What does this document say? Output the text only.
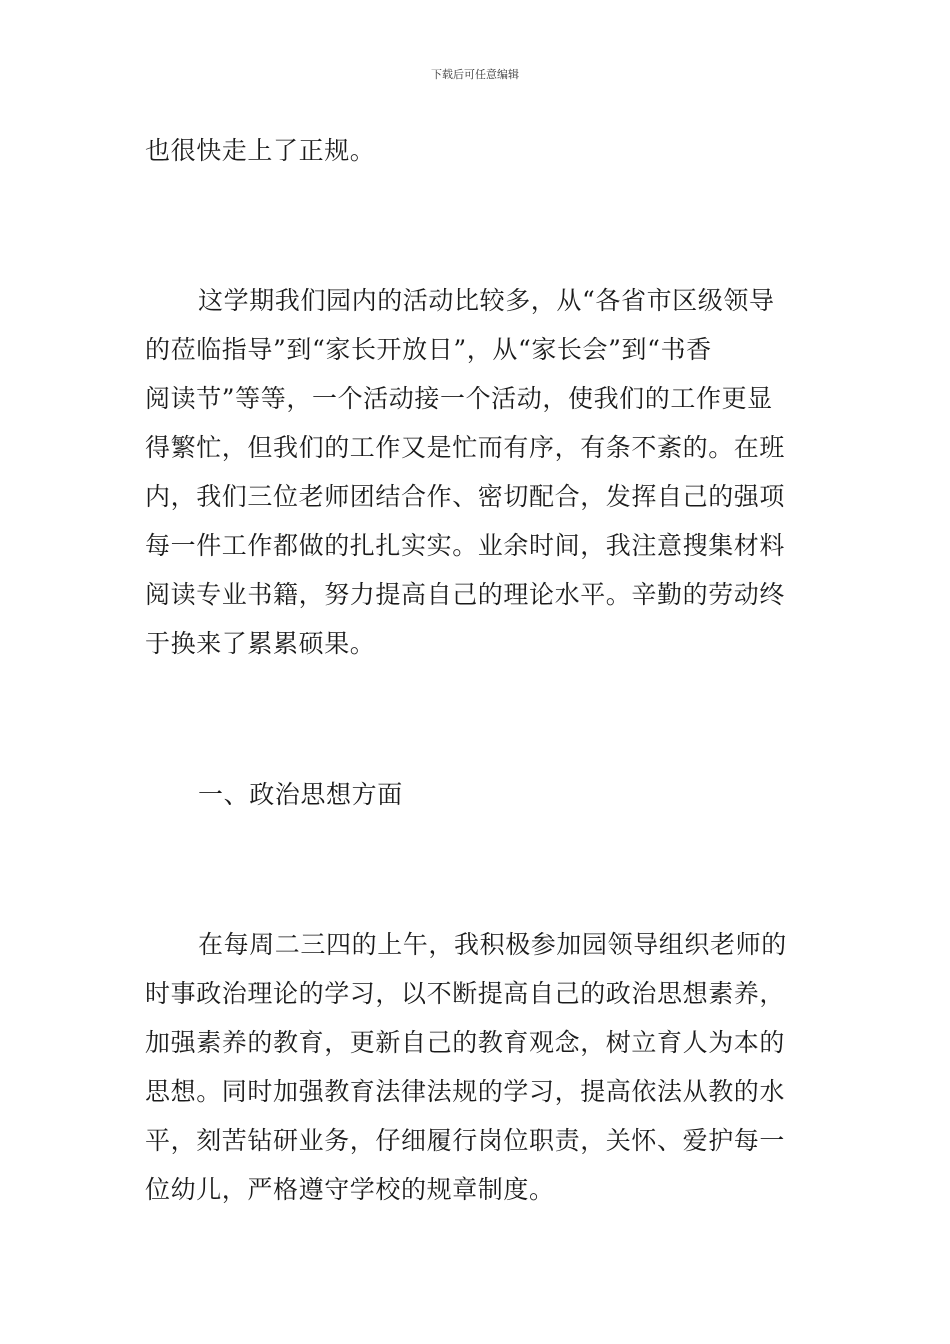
下载后可任意编辑
也很快走上了正规。
这学期我们园内的活动比较多，从“各省市区级领导
的莅临指导”到“家长开放日”，从“家长会”到“书香
阅读节”等等，一个活动接一个活动，使我们的工作更显
得繁忙，但我们的工作又是忙而有序，有条不紊的。在班
内，我们三位老师团结合作、密切配合，发挥自己的强项
每一件工作都做的扎扎实实。业余时间，我注意搜集材料
阅读专业书籍，努力提高自己的理论水平。辛勤的劳动终
于换来了累累硕果。
一、政治思想方面
在每周二三四的上午，我积极参加园领导组织老师的
时事政治理论的学习，以不断提高自己的政治思想素养，
加强素养的教育，更新自己的教育观念，树立育人为本的
思想。同时加强教育法律法规的学习，提高依法从教的水
平，刻苦钻研业务，仔细履行岗位职责，关怀、爱护每一
位幼儿，严格遵守学校的规章制度。
